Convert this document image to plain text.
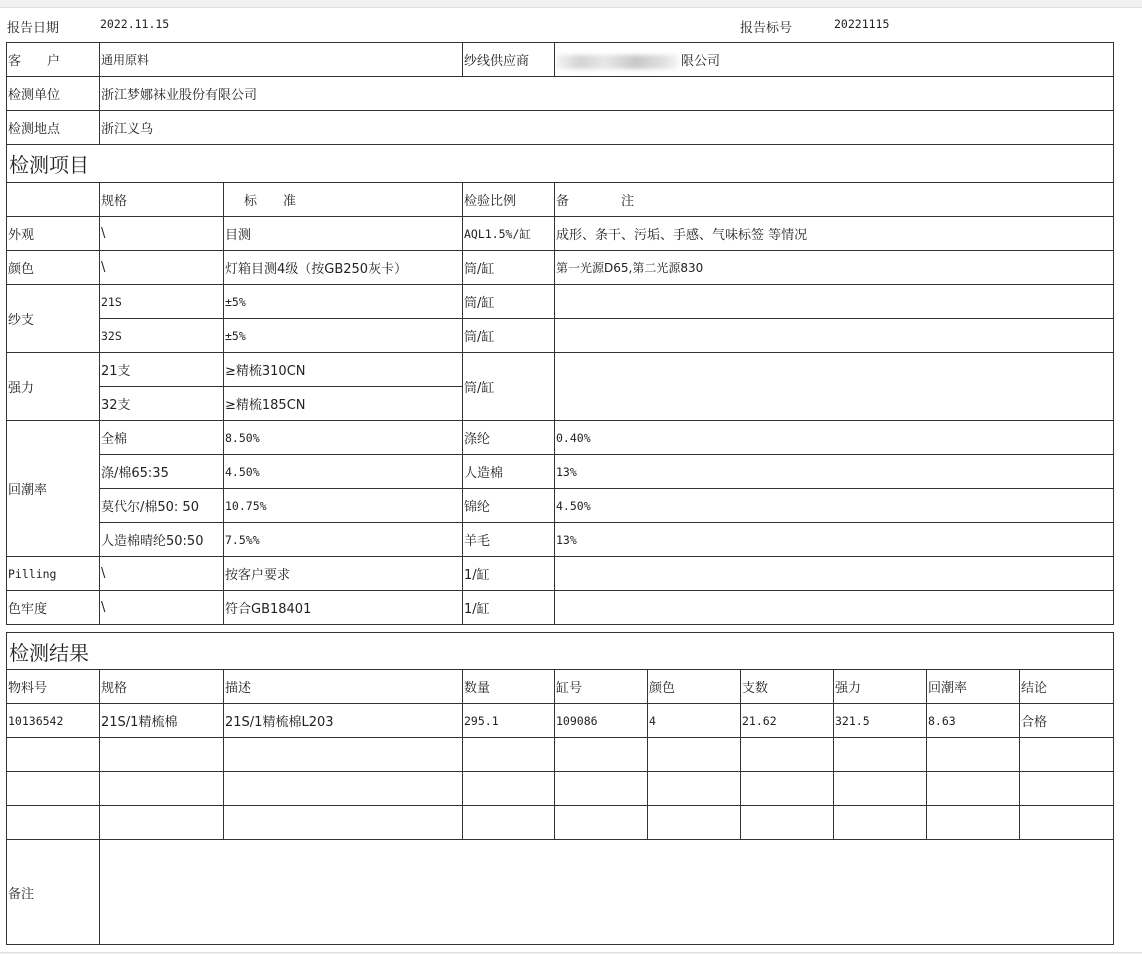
报告日期	2022.11.15	报告标号	20221115
客　　户	通用原料	纱线供应商	限公司
检测单位	浙江梦娜袜业股份有限公司		
检测地点	浙江义乌		
检测项目				
	规格	标　　准	检验比例	备　　　　注
外观	\	目测	AQL1.5%/缸	成形、条干、污垢、手感、气味标签 等情况
颜色	\	灯箱目测4级（按GB250灰卡）	筒/缸	第一光源D65,第二光源830
纱支	21S	±5%	筒/缸	
	32S	±5%	筒/缸	
强力	21支	≥精梳310CN	筒/缸	
	32支	≥精梳185CN		
回潮率	全棉	8.50%	涤纶	0.40%
	涤/棉65:35	4.50%	人造棉	13%
	莫代尔/棉50: 50	10.75%	锦纶	4.50%
	人造棉晴纶50:50	7.5%%	羊毛	13%
Pilling	\	按客户要求	1/缸	
色牢度	\	符合GB18401	1/缸	
检测结果									
物料号	规格	描述	数量	缸号	颜色	支数	强力	回潮率	结论
10136542	21S/1精梳棉	21S/1精梳棉L203	295.1	109086	4	21.62	321.5	8.63	合格

备注									
